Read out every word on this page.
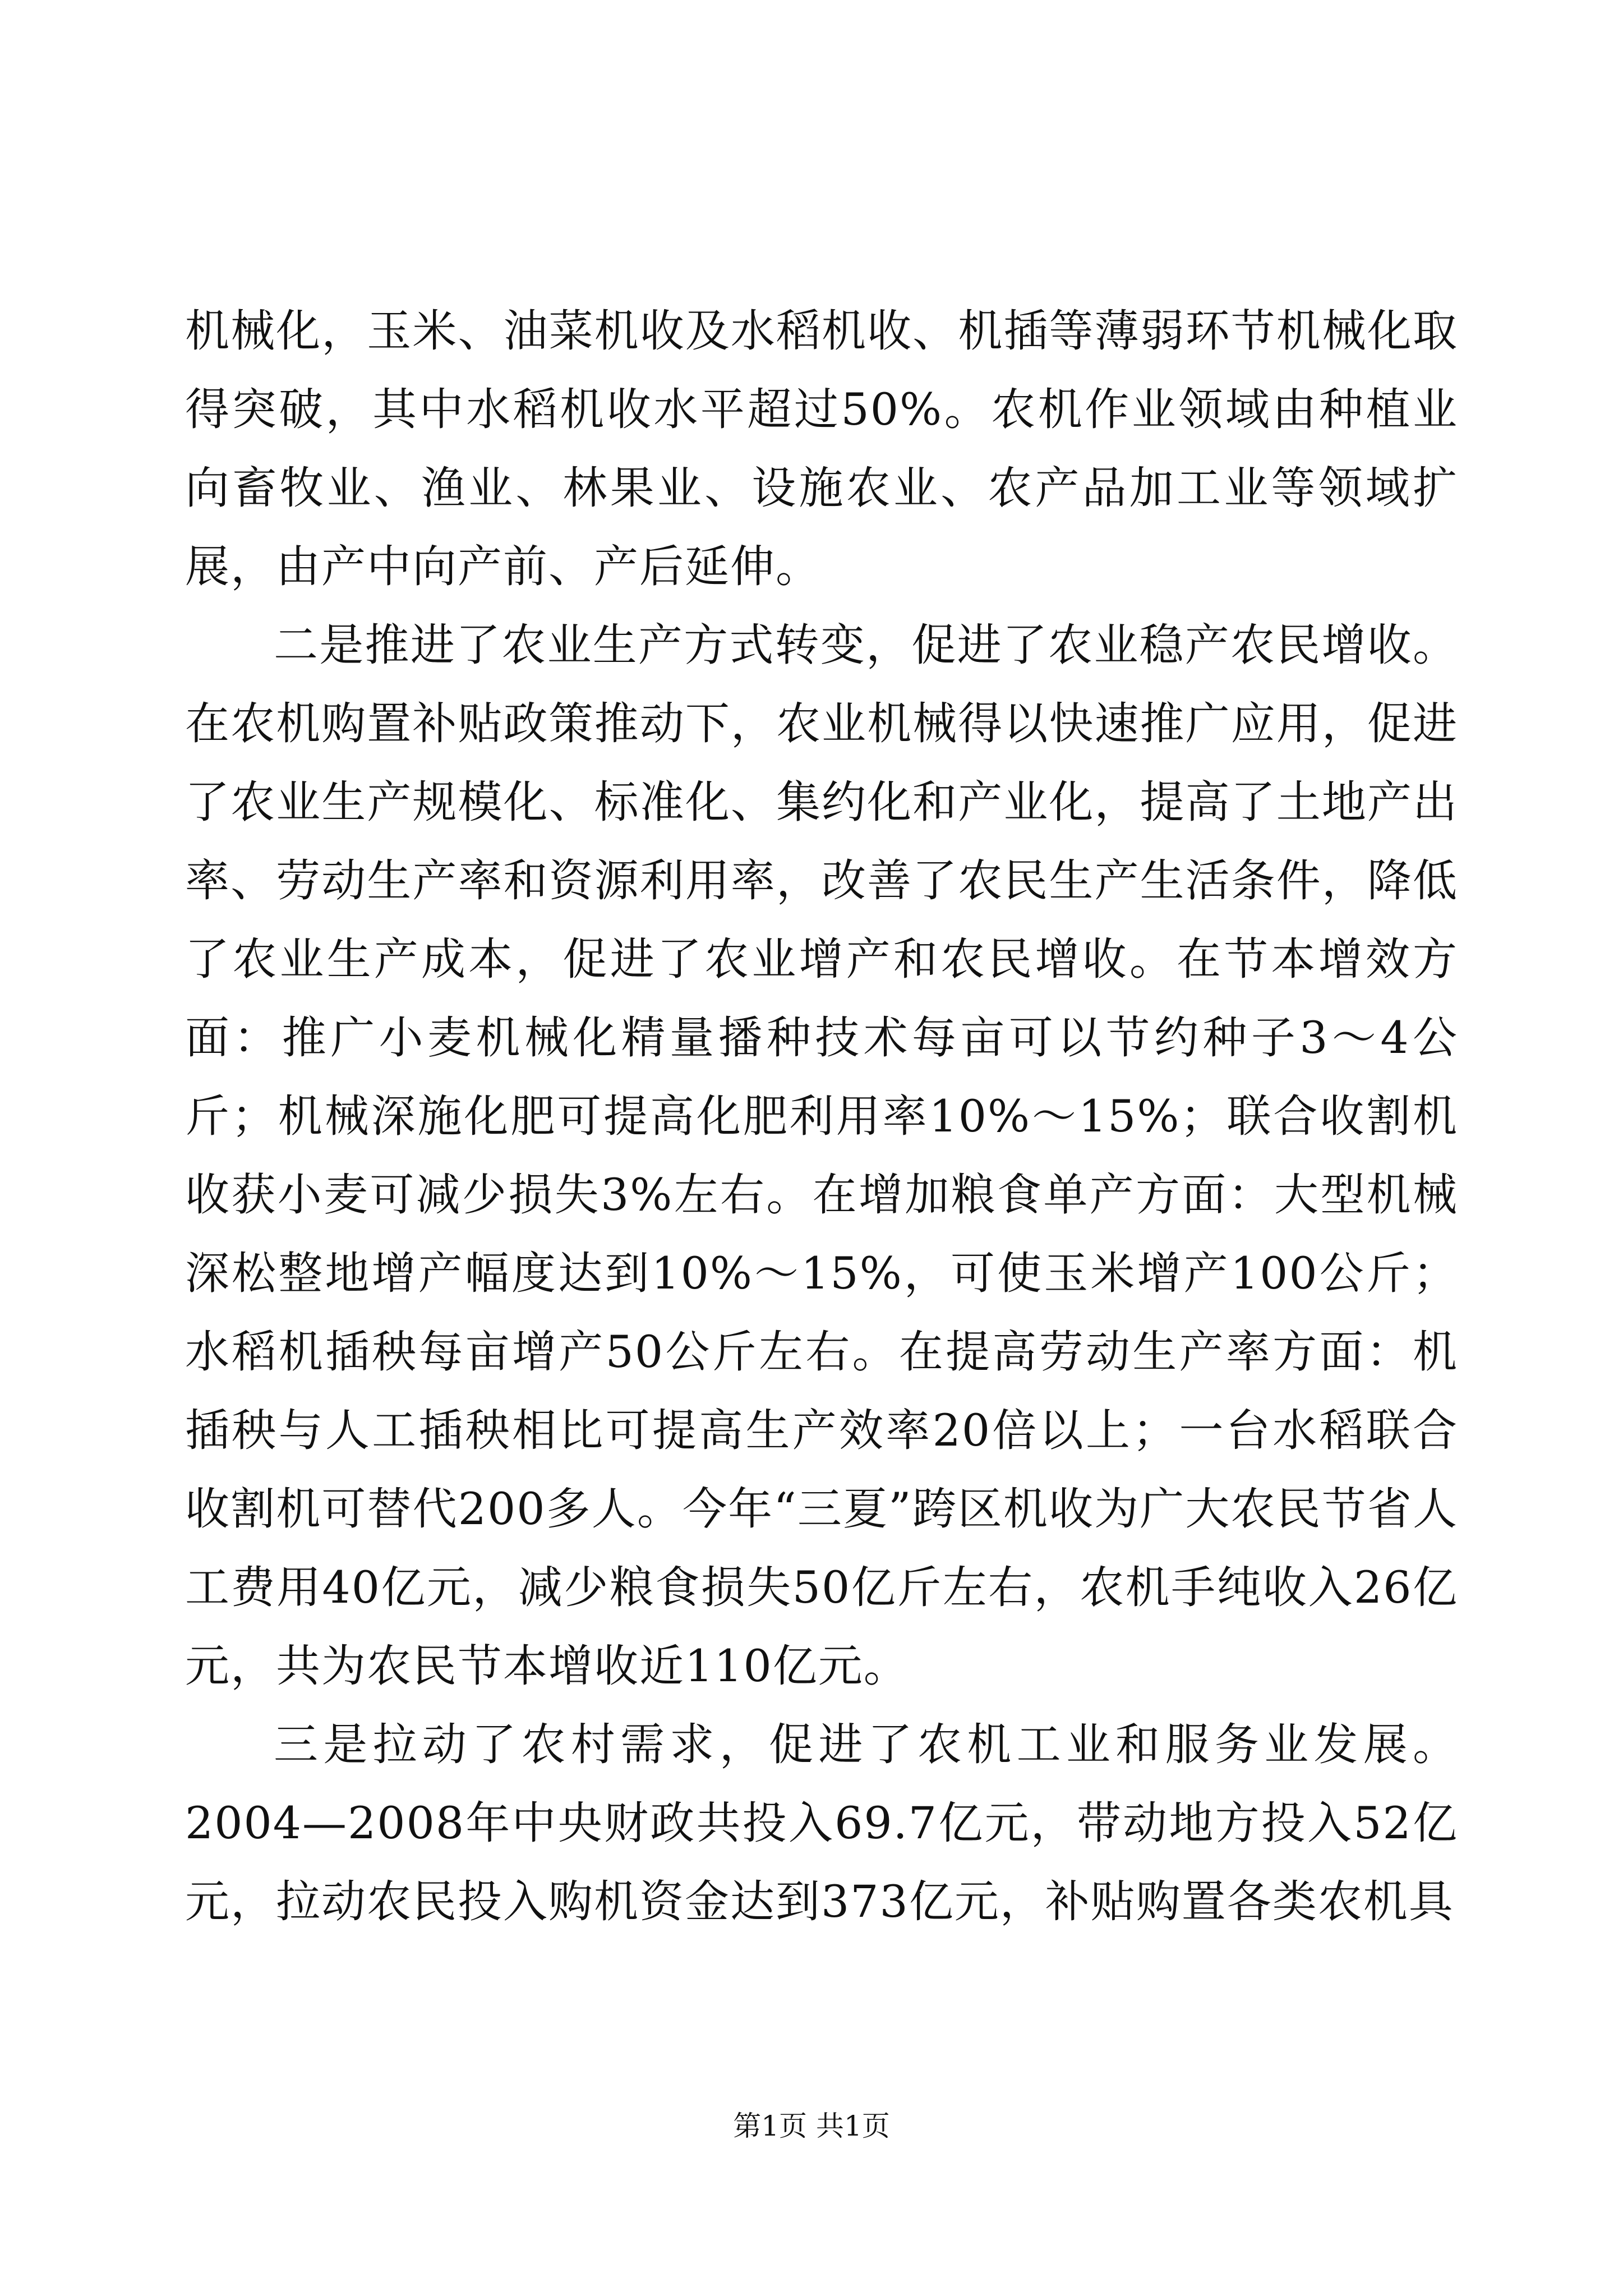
机械化，玉米、油菜机收及水稻机收、机插等薄弱环节机械化取得突破，其中水稻机收水平超过50%。农机作业领域由种植业向畜牧业、渔业、林果业、设施农业、农产品加工业等领域扩展，由产中向产前、产后延伸。

二是推进了农业生产方式转变，促进了农业稳产农民增收。在农机购置补贴政策推动下，农业机械得以快速推广应用，促进了农业生产规模化、标准化、集约化和产业化，提高了土地产出率、劳动生产率和资源利用率，改善了农民生产生活条件，降低了农业生产成本，促进了农业增产和农民增收。在节本增效方面：推广小麦机械化精量播种技术每亩可以节约种子3～4公斤；机械深施化肥可提高化肥利用率10%～15%；联合收割机收获小麦可减少损失3%左右。在增加粮食单产方面：大型机械深松整地增产幅度达到10%～15%，可使玉米增产100公斤；水稻机插秧每亩增产50公斤左右。在提高劳动生产率方面：机插秧与人工插秧相比可提高生产效率20倍以上；一台水稻联合收割机可替代200多人。今年“三夏”跨区机收为广大农民节省人工费用40亿元，减少粮食损失50亿斤左右，农机手纯收入26亿元，共为农民节本增收近110亿元。

三是拉动了农村需求，促进了农机工业和服务业发展。2004—2008年中央财政共投入69.7亿元，带动地方投入52亿元，拉动农民投入购机资金达到373亿元，补贴购置各类农机具

第1页 共1页
